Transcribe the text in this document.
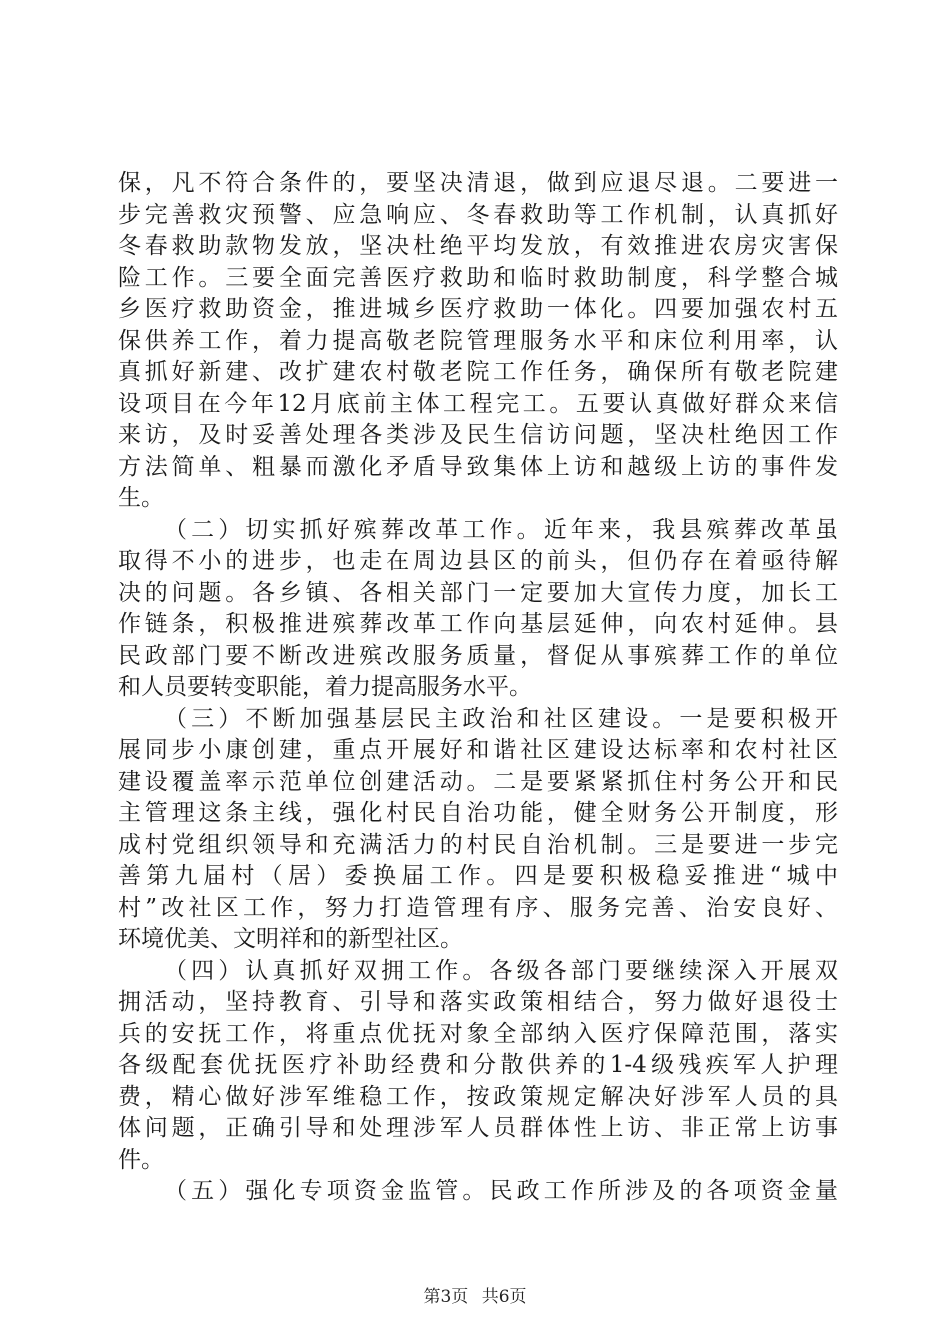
保，凡不符合条件的，要坚决清退，做到应退尽退。二要进一
步完善救灾预警、应急响应、冬春救助等工作机制，认真抓好
冬春救助款物发放，坚决杜绝平均发放，有效推进农房灾害保
险工作。三要全面完善医疗救助和临时救助制度，科学整合城
乡医疗救助资金，推进城乡医疗救助一体化。四要加强农村五
保供养工作，着力提高敬老院管理服务水平和床位利用率，认
真抓好新建、改扩建农村敬老院工作任务，确保所有敬老院建
设项目在今年12月底前主体工程完工。五要认真做好群众来信
来访，及时妥善处理各类涉及民生信访问题，坚决杜绝因工作
方法简单、粗暴而激化矛盾导致集体上访和越级上访的事件发
生。
（二）切实抓好殡葬改革工作。近年来，我县殡葬改革虽
取得不小的进步，也走在周边县区的前头，但仍存在着亟待解
决的问题。各乡镇、各相关部门一定要加大宣传力度，加长工
作链条，积极推进殡葬改革工作向基层延伸，向农村延伸。县
民政部门要不断改进殡改服务质量，督促从事殡葬工作的单位
和人员要转变职能，着力提高服务水平。
（三）不断加强基层民主政治和社区建设。一是要积极开
展同步小康创建，重点开展好和谐社区建设达标率和农村社区
建设覆盖率示范单位创建活动。二是要紧紧抓住村务公开和民
主管理这条主线，强化村民自治功能，健全财务公开制度，形
成村党组织领导和充满活力的村民自治机制。三是要进一步完
善第九届村（居）委换届工作。四是要积极稳妥推进“城中
村”改社区工作，努力打造管理有序、服务完善、治安良好、
环境优美、文明祥和的新型社区。
（四）认真抓好双拥工作。各级各部门要继续深入开展双
拥活动，坚持教育、引导和落实政策相结合，努力做好退役士
兵的安抚工作，将重点优抚对象全部纳入医疗保障范围，落实
各级配套优抚医疗补助经费和分散供养的1-4级残疾军人护理
费，精心做好涉军维稳工作，按政策规定解决好涉军人员的具
体问题，正确引导和处理涉军人员群体性上访、非正常上访事
件。
（五）强化专项资金监管。民政工作所涉及的各项资金量
第3页 共6页
